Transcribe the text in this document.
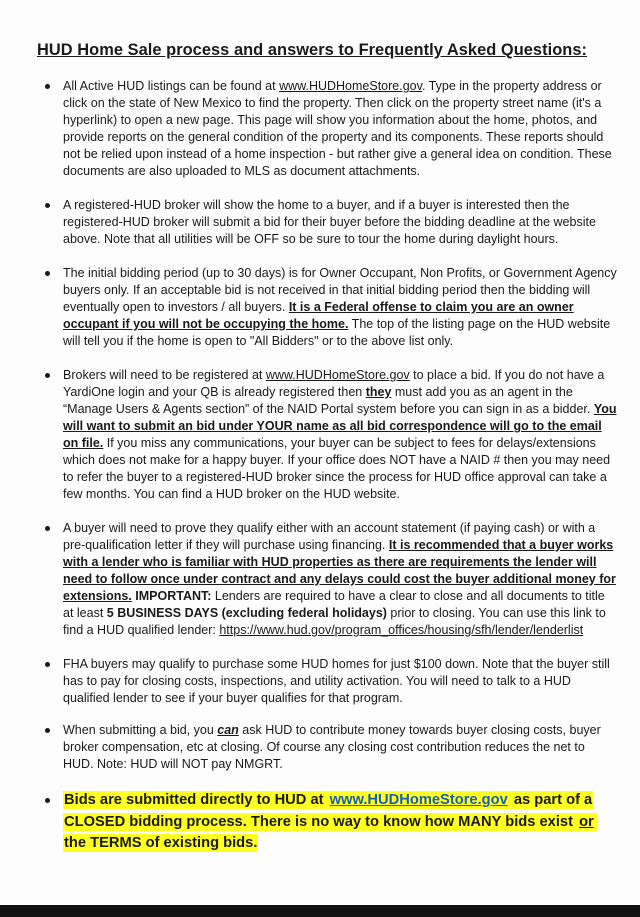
HUD Home Sale process and answers to Frequently Asked Questions:
All Active HUD listings can be found at www.HUDHomeStore.gov. Type in the property address or click on the state of New Mexico to find the property. Then click on the property street name (it's a hyperlink) to open a new page. This page will show you information about the home, photos, and provide reports on the general condition of the property and its components. These reports should not be relied upon instead of a home inspection - but rather give a general idea on condition. These documents are also uploaded to MLS as document attachments.
A registered-HUD broker will show the home to a buyer, and if a buyer is interested then the registered-HUD broker will submit a bid for their buyer before the bidding deadline at the website above. Note that all utilities will be OFF so be sure to tour the home during daylight hours.
The initial bidding period (up to 30 days) is for Owner Occupant, Non Profits, or Government Agency buyers only. If an acceptable bid is not received in that initial bidding period then the bidding will eventually open to investors / all buyers. It is a Federal offense to claim you are an owner occupant if you will not be occupying the home. The top of the listing page on the HUD website will tell you if the home is open to "All Bidders" or to the above list only.
Brokers will need to be registered at www.HUDHomeStore.gov to place a bid. If you do not have a YardiOne login and your QB is already registered then they must add you as an agent in the “Manage Users & Agents section” of the NAID Portal system before you can sign in as a bidder. You will want to submit an bid under YOUR name as all bid correspondence will go to the email on file. If you miss any communications, your buyer can be subject to fees for delays/extensions which does not make for a happy buyer. If your office does NOT have a NAID # then you may need to refer the buyer to a registered-HUD broker since the process for HUD office approval can take a few months. You can find a HUD broker on the HUD website.
A buyer will need to prove they qualify either with an account statement (if paying cash) or with a pre-qualification letter if they will purchase using financing. It is recommended that a buyer works with a lender who is familiar with HUD properties as there are requirements the lender will need to follow once under contract and any delays could cost the buyer additional money for extensions. IMPORTANT: Lenders are required to have a clear to close and all documents to title at least 5 BUSINESS DAYS (excluding federal holidays) prior to closing. You can use this link to find a HUD qualified lender: https://www.hud.gov/program_offices/housing/sfh/lender/lenderlist
FHA buyers may qualify to purchase some HUD homes for just $100 down. Note that the buyer still has to pay for closing costs, inspections, and utility activation. You will need to talk to a HUD qualified lender to see if your buyer qualifies for that program.
When submitting a bid, you can ask HUD to contribute money towards buyer closing costs, buyer broker compensation, etc at closing. Of course any closing cost contribution reduces the net to HUD. Note: HUD will NOT pay NMGRT.
Bids are submitted directly to HUD at www.HUDHomeStore.gov as part of a CLOSED bidding process. There is no way to know how MANY bids exist or the TERMS of existing bids.
